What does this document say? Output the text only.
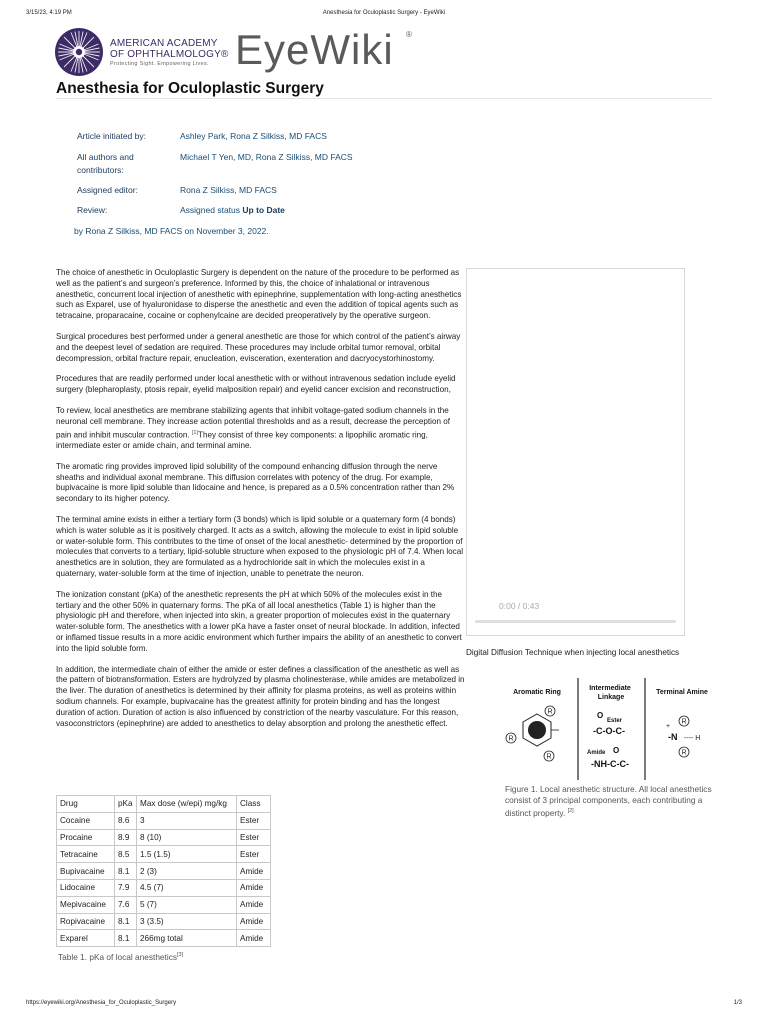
3/15/23, 4:19 PM	Anesthesia for Oculoplastic Surgery - EyeWiki
AMERICAN ACADEMY
OF OPHTHALMOLOGY®
Protecting Sight. Empowering Lives. EyeWiki ®
Anesthesia for Oculoplastic Surgery
Article initiated by:	Ashley Park, Rona Z Silkiss, MD FACS
All authors and
contributors:
Michael T Yen, MD, Rona Z Silkiss, MD FACS
Assigned editor:	Rona Z Silkiss, MD FACS
Review:	Assigned status Up to Date
by Rona Z Silkiss, MD FACS on November 3, 2022.

The choice of anesthetic in Oculoplastic Surgery is dependent on the nature of the procedure to be performed as well as the patient’s and surgeon’s preference. Informed by this, the choice of inhalational or intravenous anesthetic, concurrent local injection of anesthetic with epinephrine, supplementation with long-acting anesthetics such as Exparel, use of hyaluronidase to disperse the anesthetic and even the addition of topical agents such as tetracaine, proparacaine, cocaine or cophenylcaine are decided preoperatively by the operative surgeon.

Surgical procedures best performed under a general anesthetic are those for which control of the patient’s airway and the deepest level of sedation are required. These procedures may include orbital tumor removal, orbital decompression, orbital fracture repair, enucleation, evisceration, exenteration and dacryocystorhinostomy.

Procedures that are readily performed under local anesthetic with or without intravenous sedation include eyelid surgery (blepharoplasty, ptosis repair, eyelid malposition repair) and eyelid cancer excision and reconstruction,

To review, local anesthetics are membrane stabilizing agents that inhibit voltage-gated sodium channels in the neuronal cell membrane. They increase action potential thresholds and as a result, decrease the perception of pain and inhibit muscular contraction. [1]They consist of three key components: a lipophilic aromatic ring, intermediate ester or amide chain, and terminal amine.

The aromatic ring provides improved lipid solubility of the compound enhancing diffusion through the nerve sheaths and individual axonal membrane. This diffusion correlates with potency of the drug. For example, bupivacaine is more lipid soluble than lidocaine and hence, is prepared as a 0.5% concentration rather than 2% secondary to its higher potency.

The terminal amine exists in either a tertiary form (3 bonds) which is lipid soluble or a quaternary form (4 bonds) which is water soluble as it is positively charged. It acts as a switch, allowing the molecule to exist in lipid soluble or water-soluble form. This contributes to the time of onset of the local anesthetic- determined by the proportion of molecules that converts to a tertiary, lipid-soluble structure when exposed to the physiologic pH of 7.4. When local anesthetics are in solution, they are formulated as a hydrochloride salt in which the molecules exist in a quaternary, water-soluble form at the time of injection, unable to penetrate the neuron.

The ionization constant (pKa) of the anesthetic represents the pH at which 50% of the molecules exist in the tertiary and the other 50% in quaternary forms. The pKa of all local anesthetics (Table 1) is higher than the physiologic pH and therefore, when injected into skin, a greater proportion of molecules exist in the quaternary water-soluble form. The anesthetics with a lower pKa have a faster onset of neural blockade. In addition, infected or inflamed tissue results in a more acidic environment which further impairs the ability of an anesthetic to convert into the lipid soluble form.

In addition, the intermediate chain of either the amide or ester defines a classification of the anesthetic as well as the pattern of biotransformation. Esters are hydrolyzed by plasma cholinesterase, while amides are metabolized in the liver. The duration of anesthetics is determined by their affinity for plasma proteins, as well as proteins within sodium channels. For example, bupivacaine has the greatest affinity for protein binding and has the longest duration of action. Duration of action is also influenced by constriction of the nearby vasculature. For this reason, vasoconstrictors (epinephrine) are added to anesthetics to delay absorption and prolong the anesthetic effect.

0:00 / 0:43
Digital Diffusion Technique when injecting local anesthetics
Aromatic Ring
Intermediate Linkage
Terminal Amine
R
R
R
O
Ester
-C-O-C-
Amide O
-NH-C-C-
+
R
-N ---- H
R
Figure 1. Local anesthetic structure. All local anesthetics consist of 3 principal components, each contributing a distinct property. [2]
Drug	pKa	Max dose (w/epi) mg/kg	Class
Cocaine	8.6	3	Ester
Procaine	8.9	8 (10)	Ester
Tetracaine	8.5	1.5 (1.5)	Ester
Bupivacaine	8.1	2 (3)	Amide
Lidocaine	7.9	4.5 (7)	Amide
Mepivacaine	7.6	5 (7)	Amide
Ropivacaine	8.1	3 (3.5)	Amide
Exparel	8.1	266mg total	Amide
Table 1. pKa of local anesthetics[3]
https://eyewiki.org/Anesthesia_for_Oculoplastic_Surgery	1/3
